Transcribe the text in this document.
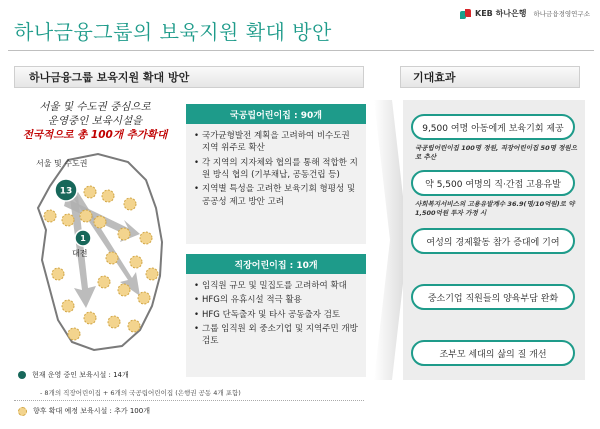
하나금융그룹의 보육지원 확대 방안
KEB 하나은행 하나금융경영연구소
하나금융그룹 보육지원 확대 방안	기대효과
서울 및 수도권 중심으로
운영중인 보육시설을
전국적으로 총 100개 추가확대
13
1
서울 및 수도권
대전
국공립어린이집 : 90개
• 국가균형발전 계획을 고려하여 비수도권 지역 위주로 확산
• 각 지역의 지자체와 협의를 통해 적합한 지원 방식 협의 (기부채납, 공동건립 등)
• 지역별 특성을 고려한 보육기회 형평성 및 공공성 제고 방안 고려
직장어린이집 : 10개
• 임직원 규모 및 밀집도를 고려하여 확대
• HFG의 유휴시설 적극 활용
• HFG 단독출자 및 타사 공동출자 검토
• 그룹 임직원 외 중소기업 및 지역주민 개방 검토
9,500 여명 아동에게 보육기회 제공
국공립어린이집 100명 정원, 직장어린이집 50명 정원으로 추산
약 5,500 여명의 직·간접 고용유발
사회복지서비스의 고용유발계수 36.9(명/10억원)로 약 1,500억원 투자 가정 시
여성의 경제활동 참가 증대에 기여
중소기업 직원들의 양육부담 완화
조부모 세대의 삶의 질 개선
현재 운영 중인 보육시설 : 14개
- 8개의 직장어린이집 + 6개의 국공립어린이집 (은행권 공동 4개 포함)
향후 확대 예정 보육시설 : 추가 100개
